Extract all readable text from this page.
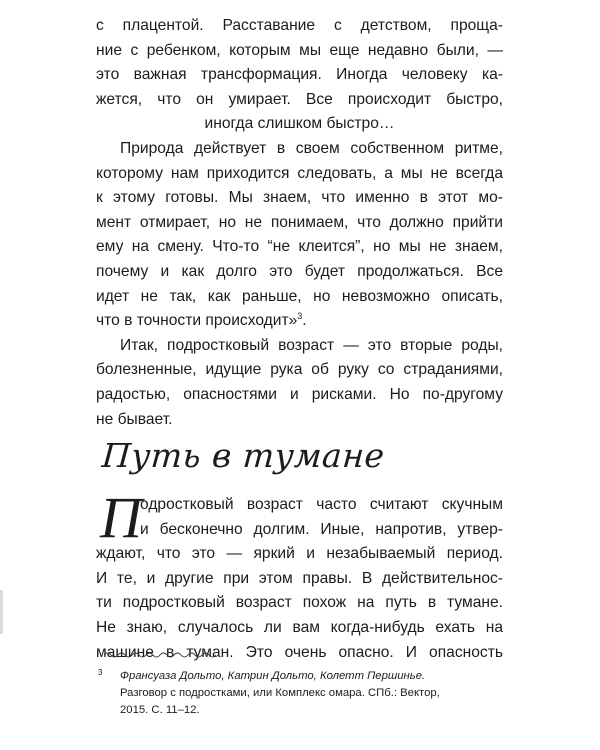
с плацентой. Расставание с детством, проща-
ние с ребенком, которым мы еще недавно были, —
это важная трансформация. Иногда человеку ка-
жется, что он умирает. Все происходит быстро,
иногда слишком быстро…
Природа действует в своем собственном ритме,
которому нам приходится следовать, а мы не всегда
к этому готовы. Мы знаем, что именно в этот мо-
мент отмирает, но не понимаем, что должно прийти
ему на смену. Что-то “не клеится”, но мы не знаем,
почему и как долго это будет продолжаться. Все
идет не так, как раньше, но невозможно описать,
что в точности происходит»$^3$.
Итак, подростковый возраст — это вторые роды,
болезненные, идущие рука об руку со страданиями,
радостью, опасностями и рисками. Но по-другому
не бывает.
Путь в тумане
П
одростковый возраст часто считают скучным
и бесконечно долгим. Иные, напротив, утвер-
ждают, что это — яркий и незабываемый период.
И те, и другие при этом правы. В действительнос-
ти подростковый возраст похож на путь в тумане.
Не знаю, случалось ли вам когда-нибудь ехать на
машине в туман. Это очень опасно. И опасность
3 Франсуаза Дольто, Катрин Дольто, Колетт Першинье.
Разговор с подростками, или Комплекс омара. СПб.: Вектор,
2015. С. 11–12.
